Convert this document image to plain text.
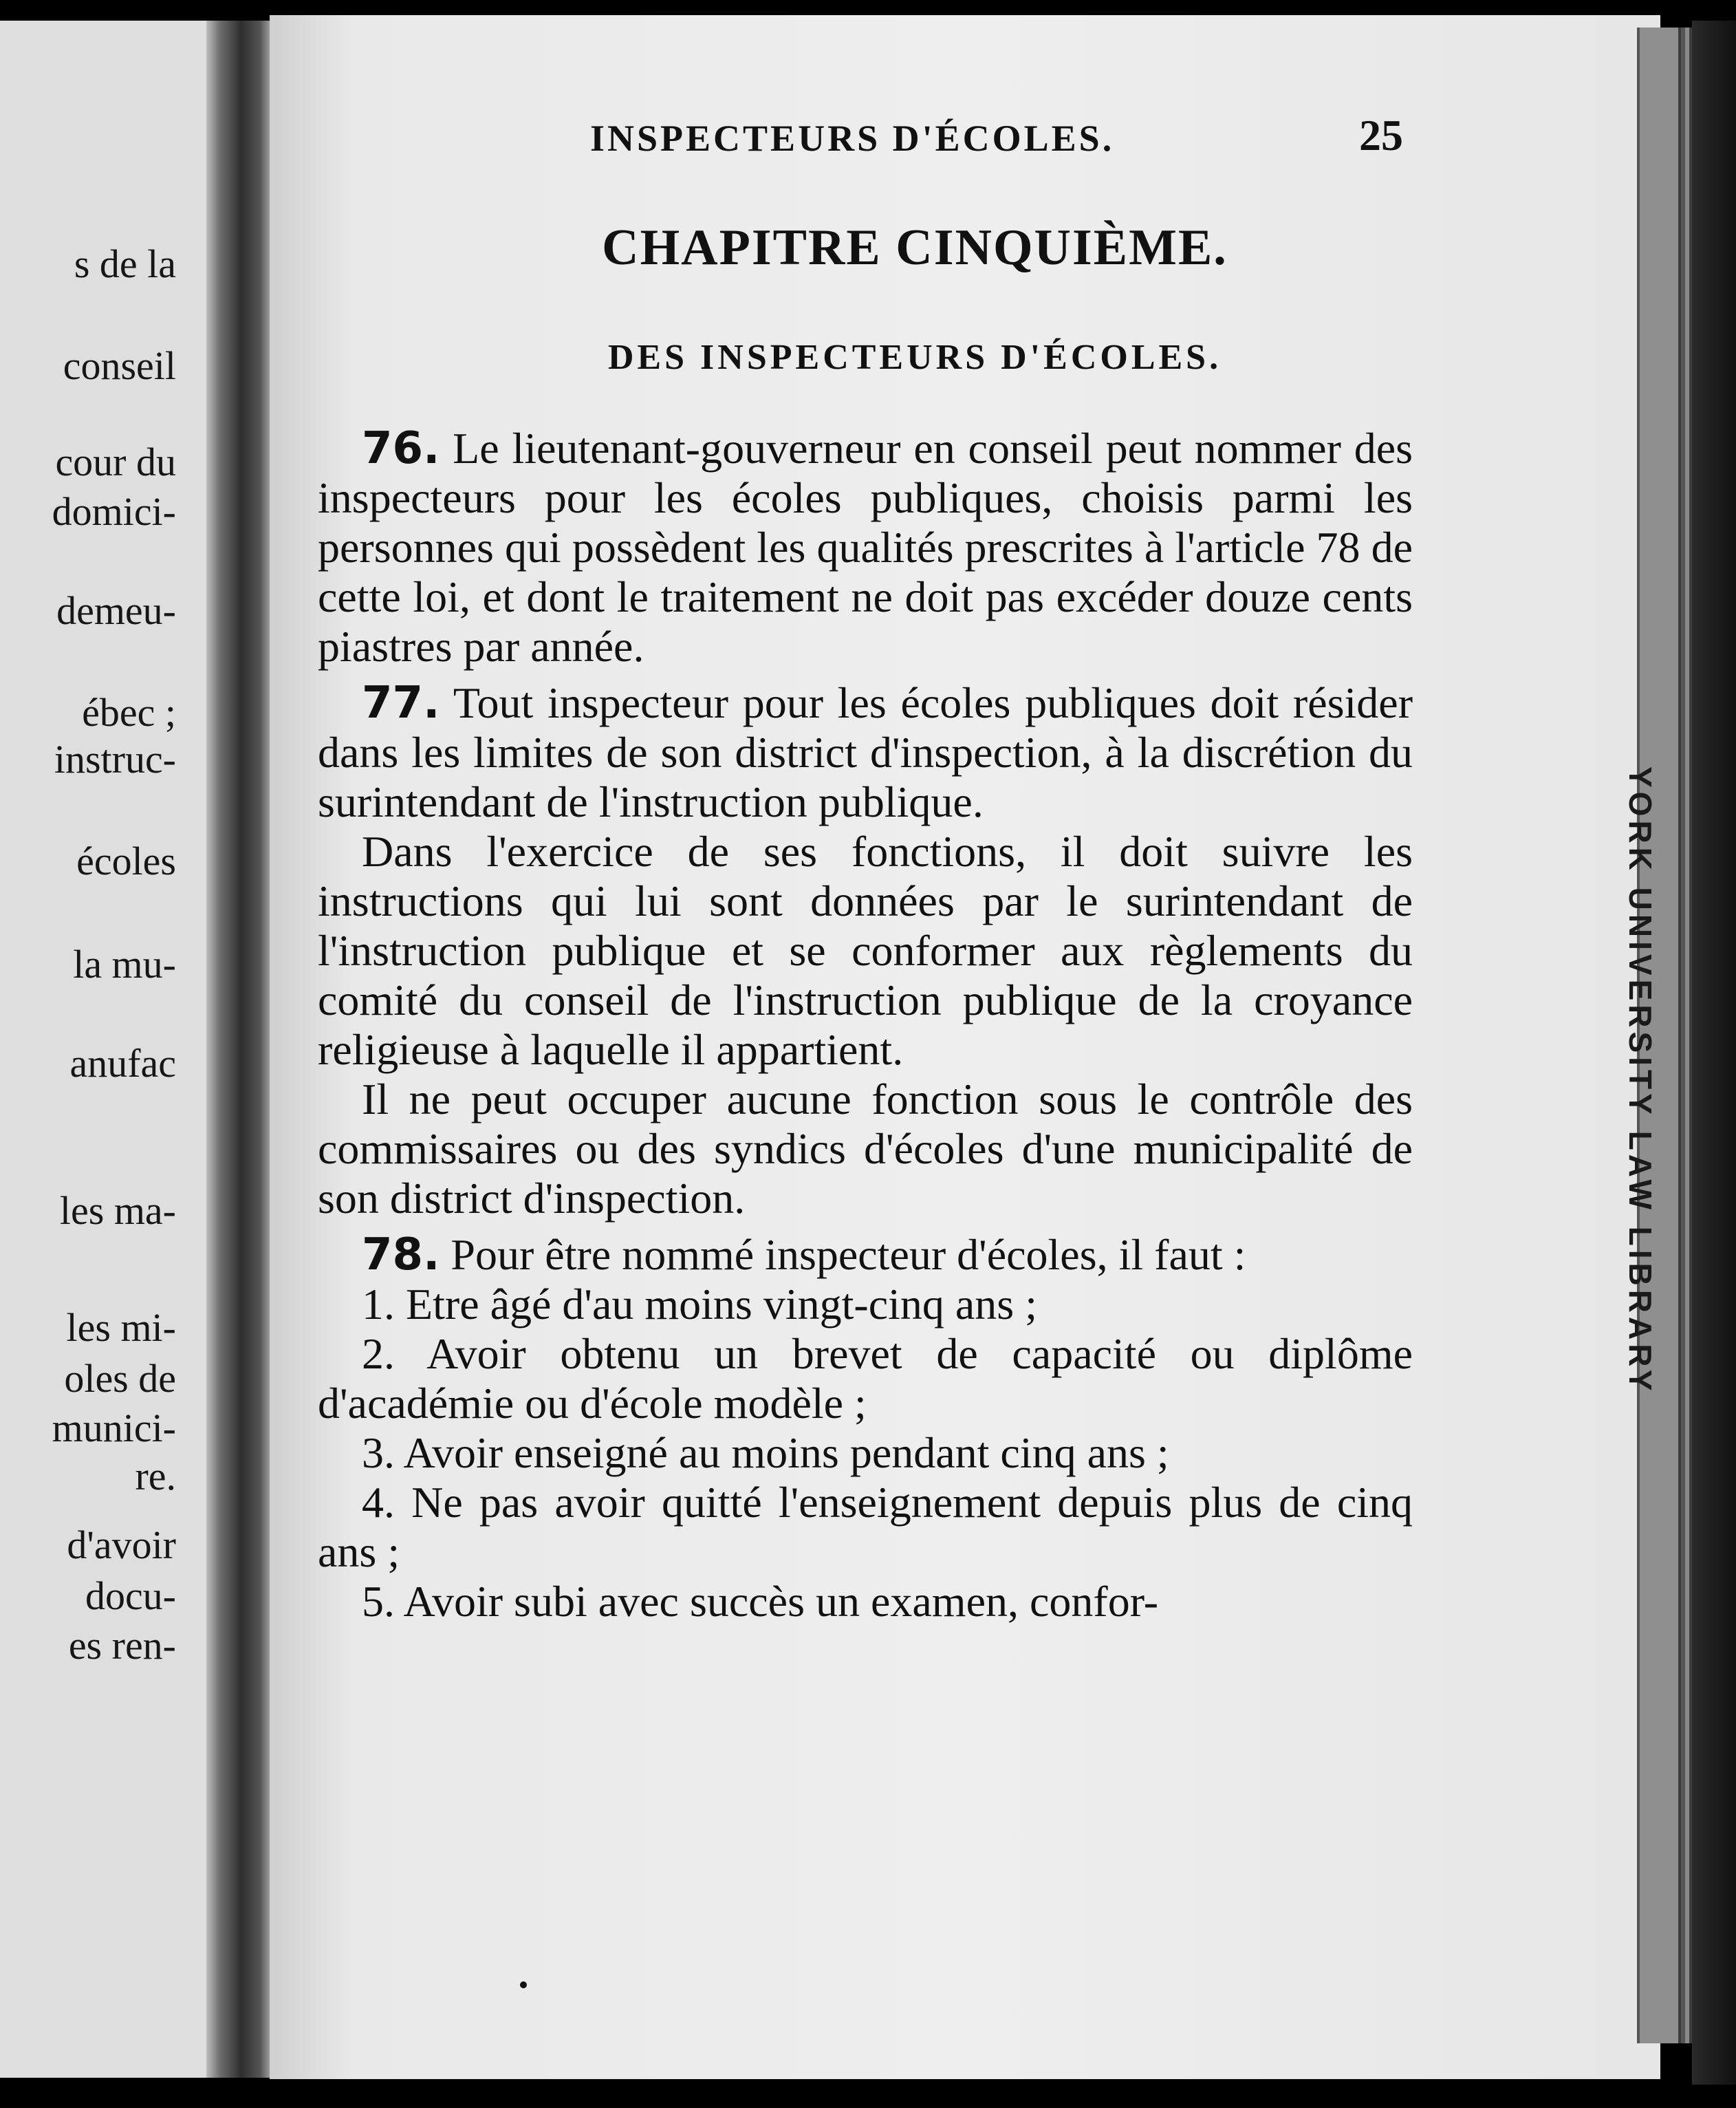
YORK UNIVERSITY LAW LIBRARY
s de la
conseil
cour du
domici-
demeu-
ébec ;
instruc-
écoles
la mu-
anufac
les ma-
les mi-
oles de
munici-
re.
d'avoir
docu-
es ren-
INSPECTEURS D'ÉCOLES.	25
CHAPITRE CINQUIÈME.
DES INSPECTEURS D'ÉCOLES.

76. Le lieutenant-gouverneur en conseil peut nommer des inspecteurs pour les écoles publiques, choisis parmi les personnes qui possèdent les qualités prescrites à l'article 78 de cette loi, et dont le traitement ne doit pas excéder douze cents piastres par année.

77. Tout inspecteur pour les écoles publiques doit résider dans les limites de son district d'inspection, à la discrétion du surintendant de l'instruction publique.

Dans l'exercice de ses fonctions, il doit suivre les instructions qui lui sont données par le surintendant de l'instruction publique et se conformer aux règlements du comité du conseil de l'instruction publique de la croyance religieuse à laquelle il appartient.

Il ne peut occuper aucune fonction sous le contrôle des commissaires ou des syndics d'écoles d'une municipalité de son district d'inspection.

78. Pour être nommé inspecteur d'écoles, il faut :

1. Etre âgé d'au moins vingt-cinq ans ;

2. Avoir obtenu un brevet de capacité ou diplôme d'académie ou d'école modèle ;

3. Avoir enseigné au moins pendant cinq ans ;

4. Ne pas avoir quitté l'enseignement depuis plus de cinq ans ;

5. Avoir subi avec succès un examen, confor-
